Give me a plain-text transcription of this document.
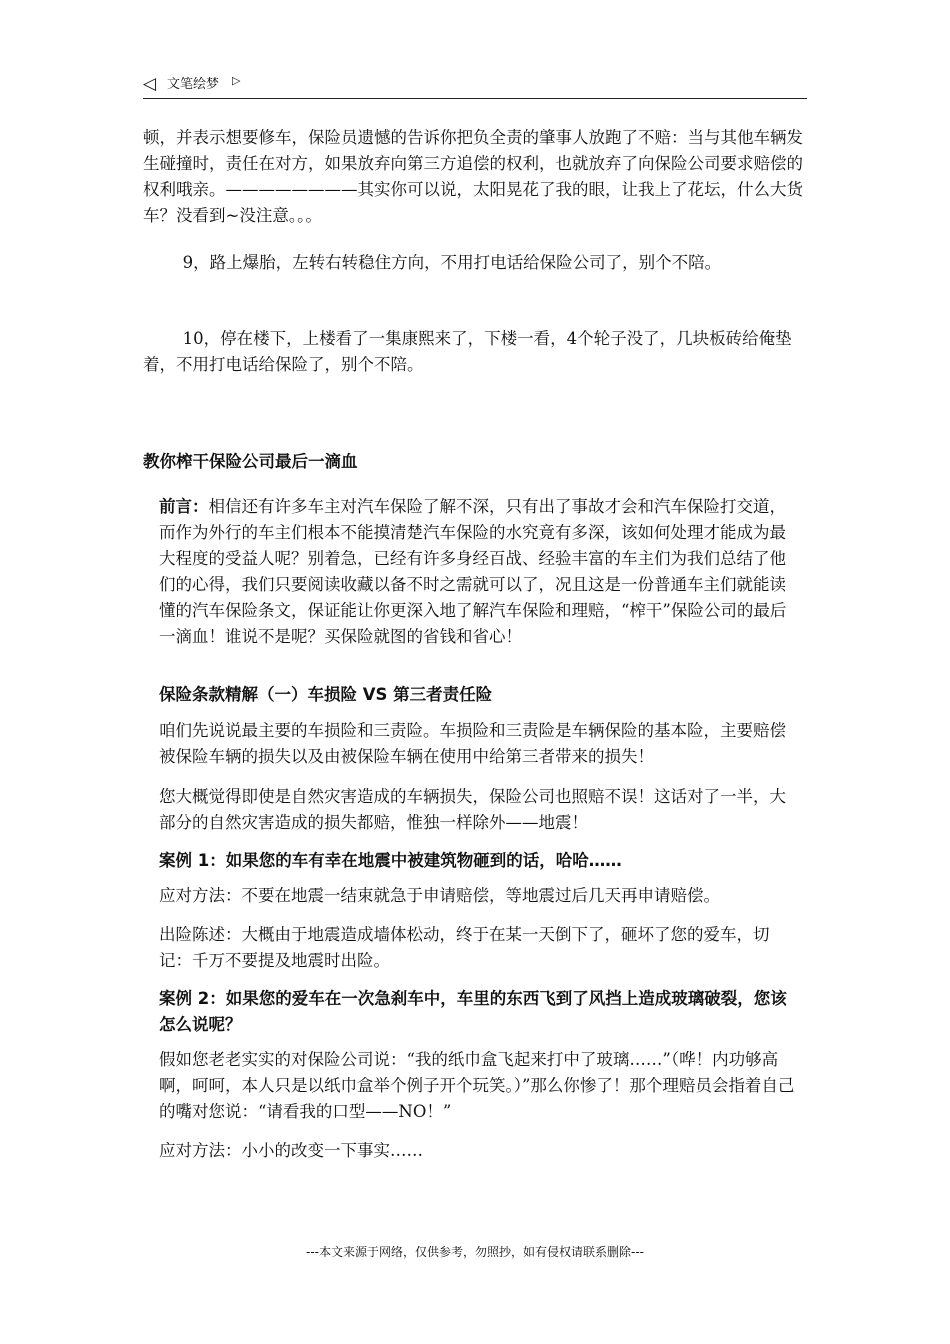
◁ 文笔绘梦 ▷

顿，并表示想要修车，保险员遗憾的告诉你把负全责的肇事人放跑了不赔：当与其他车辆发生碰撞时，责任在对方，如果放弃向第三方追偿的权利，也就放弃了向保险公司要求赔偿的权利哦亲。————————其实你可以说，太阳晃花了我的眼，让我上了花坛，什么大货车？没看到~没注意。。。

9，路上爆胎，左转右转稳住方向，不用打电话给保险公司了，别个不陪。

10，停在楼下，上楼看了一集康熙来了，下楼一看，4个轮子没了，几块板砖给俺垫着，不用打电话给保险了，别个不陪。

教你榨干保险公司最后一滴血

前言：相信还有许多车主对汽车保险了解不深，只有出了事故才会和汽车保险打交道，而作为外行的车主们根本不能摸清楚汽车保险的水究竟有多深，该如何处理才能成为最大程度的受益人呢？别着急，已经有许多身经百战、经验丰富的车主们为我们总结了他们的心得，我们只要阅读收藏以备不时之需就可以了，况且这是一份普通车主们就能读懂的汽车保险条文，保证能让你更深入地了解汽车保险和理赔，“榨干”保险公司的最后一滴血！谁说不是呢？买保险就图的省钱和省心！

保险条款精解（一）车损险 VS 第三者责任险

咱们先说说最主要的车损险和三责险。车损险和三责险是车辆保险的基本险，主要赔偿被保险车辆的损失以及由被保险车辆在使用中给第三者带来的损失！

您大概觉得即使是自然灾害造成的车辆损失，保险公司也照赔不误！这话对了一半，大部分的自然灾害造成的损失都赔，惟独一样除外——地震！

案例 1：如果您的车有幸在地震中被建筑物砸到的话，哈哈……

应对方法：不要在地震一结束就急于申请赔偿，等地震过后几天再申请赔偿。

出险陈述：大概由于地震造成墙体松动，终于在某一天倒下了，砸坏了您的爱车，切记：千万不要提及地震时出险。

案例 2：如果您的爱车在一次急刹车中，车里的东西飞到了风挡上造成玻璃破裂，您该怎么说呢？

假如您老老实实的对保险公司说：“我的纸巾盒飞起来打中了玻璃……”（哗！内功够高啊，呵呵，本人只是以纸巾盒举个例子开个玩笑。）”那么你惨了！那个理赔员会指着自己的嘴对您说：“请看我的口型——NO！”

应对方法：小小的改变一下事实……

---本文来源于网络，仅供参考，勿照抄，如有侵权请联系删除---
